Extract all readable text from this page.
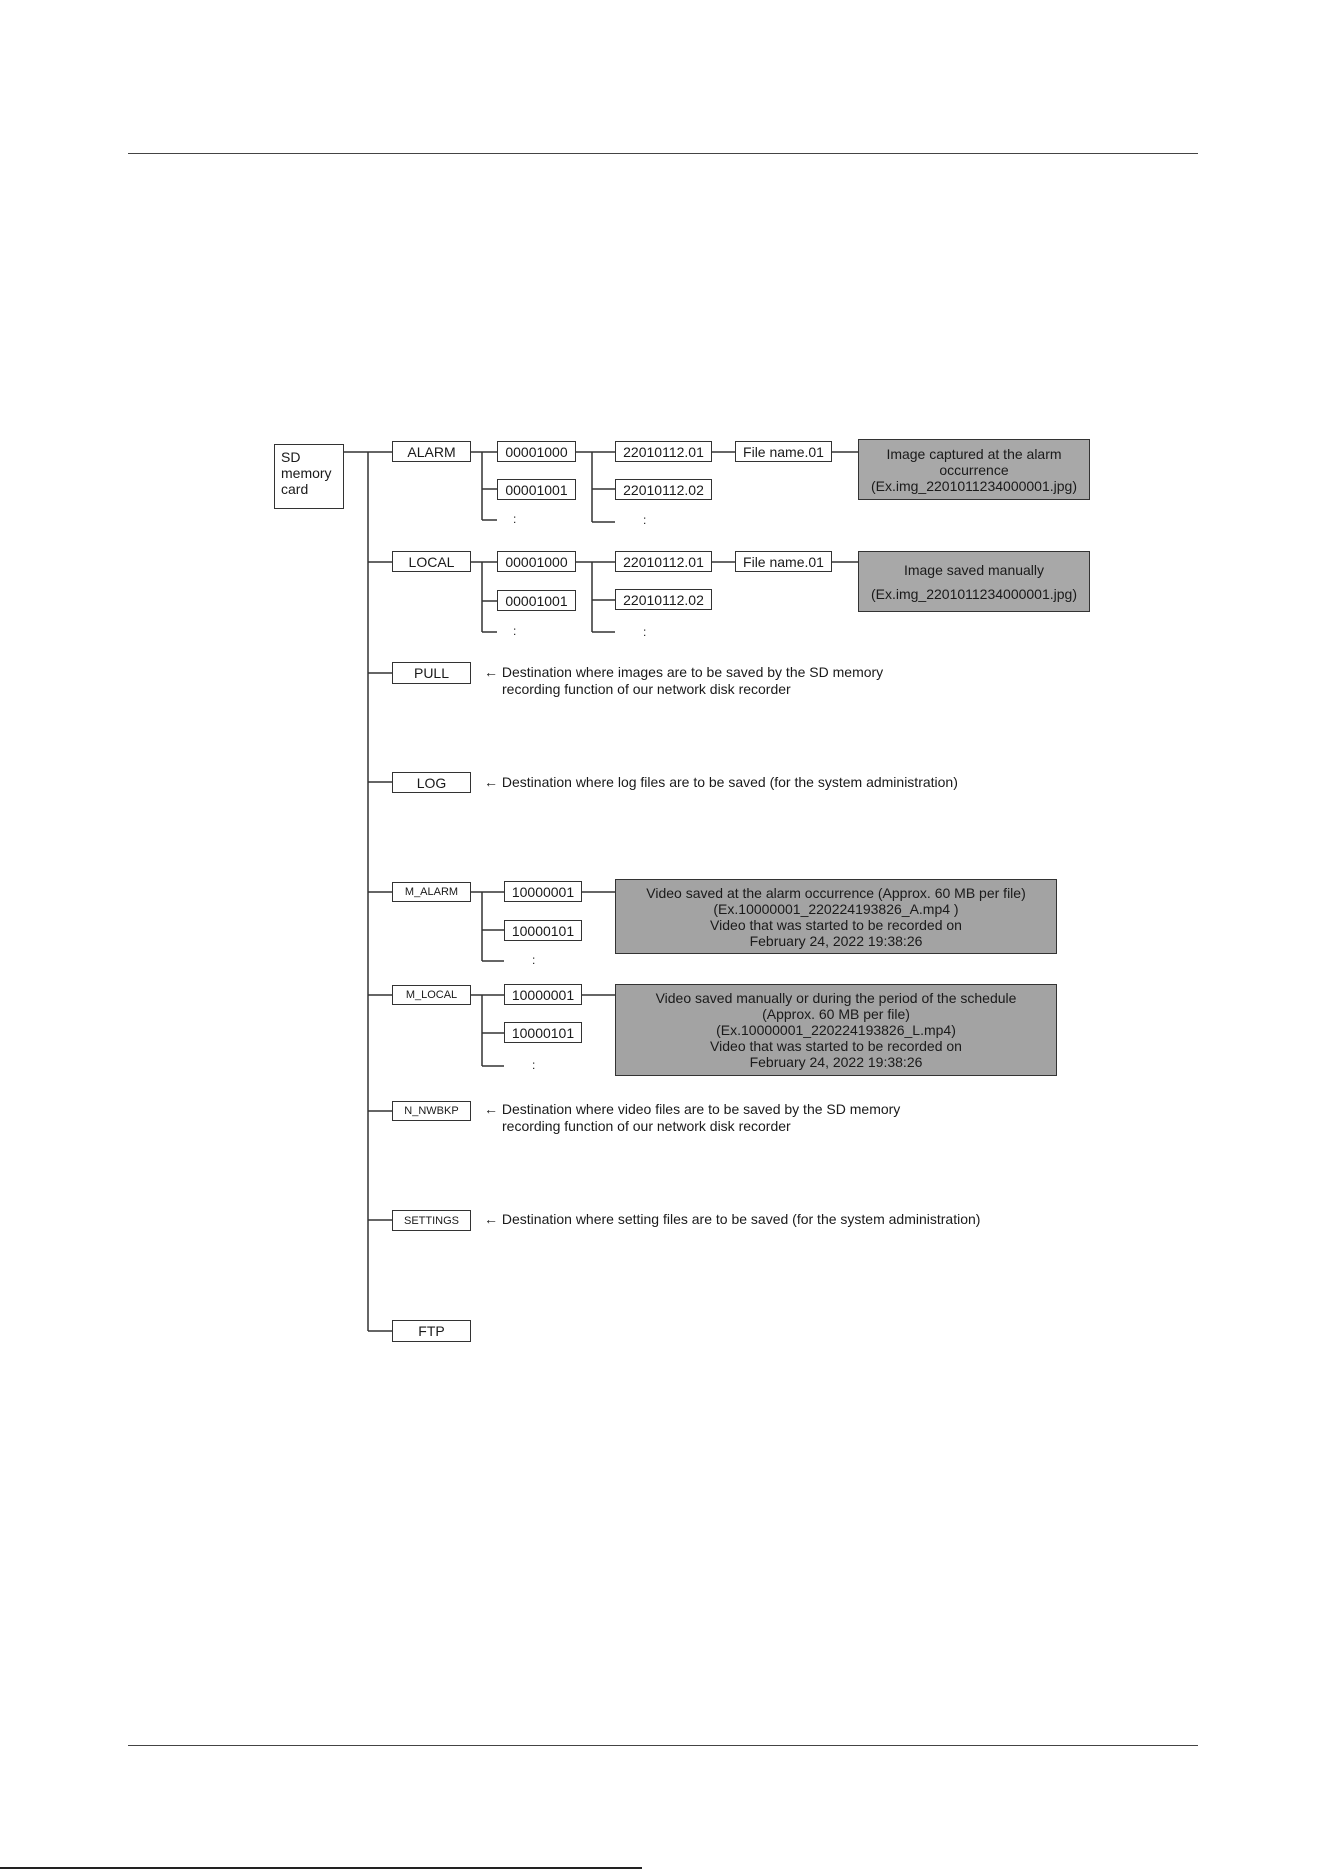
SD
memory
card
ALARM	00001000
00001001
:
22010112.01
22010112.02
:
File name.01	Image captured at the alarm
occurrence
(Ex.img_2201011234000001.jpg)
LOCAL	00001000
00001001
:
22010112.01
22010112.02
:
File name.01	Image saved manually
(Ex.img_2201011234000001.jpg)
PULL	← Destination where images are to be saved by the SD memory
recording function of our network disk recorder
LOG	← Destination where log files are to be saved (for the system administration)
M_ALARM	10000001
10000101
:
Video saved at the alarm occurrence (Approx. 60 MB per file)
(Ex.10000001_220224193826_A.mp4 )
Video that was started to be recorded on
February 24, 2022 19:38:26
M_LOCAL	10000001
10000101
:
Video saved manually or during the period of the schedule
(Approx. 60 MB per file)
(Ex.10000001_220224193826_L.mp4)
Video that was started to be recorded on
February 24, 2022 19:38:26
N_NWBKP	← Destination where video files are to be saved by the SD memory
recording function of our network disk recorder
SETTINGS	← Destination where setting files are to be saved (for the system administration)
FTP
